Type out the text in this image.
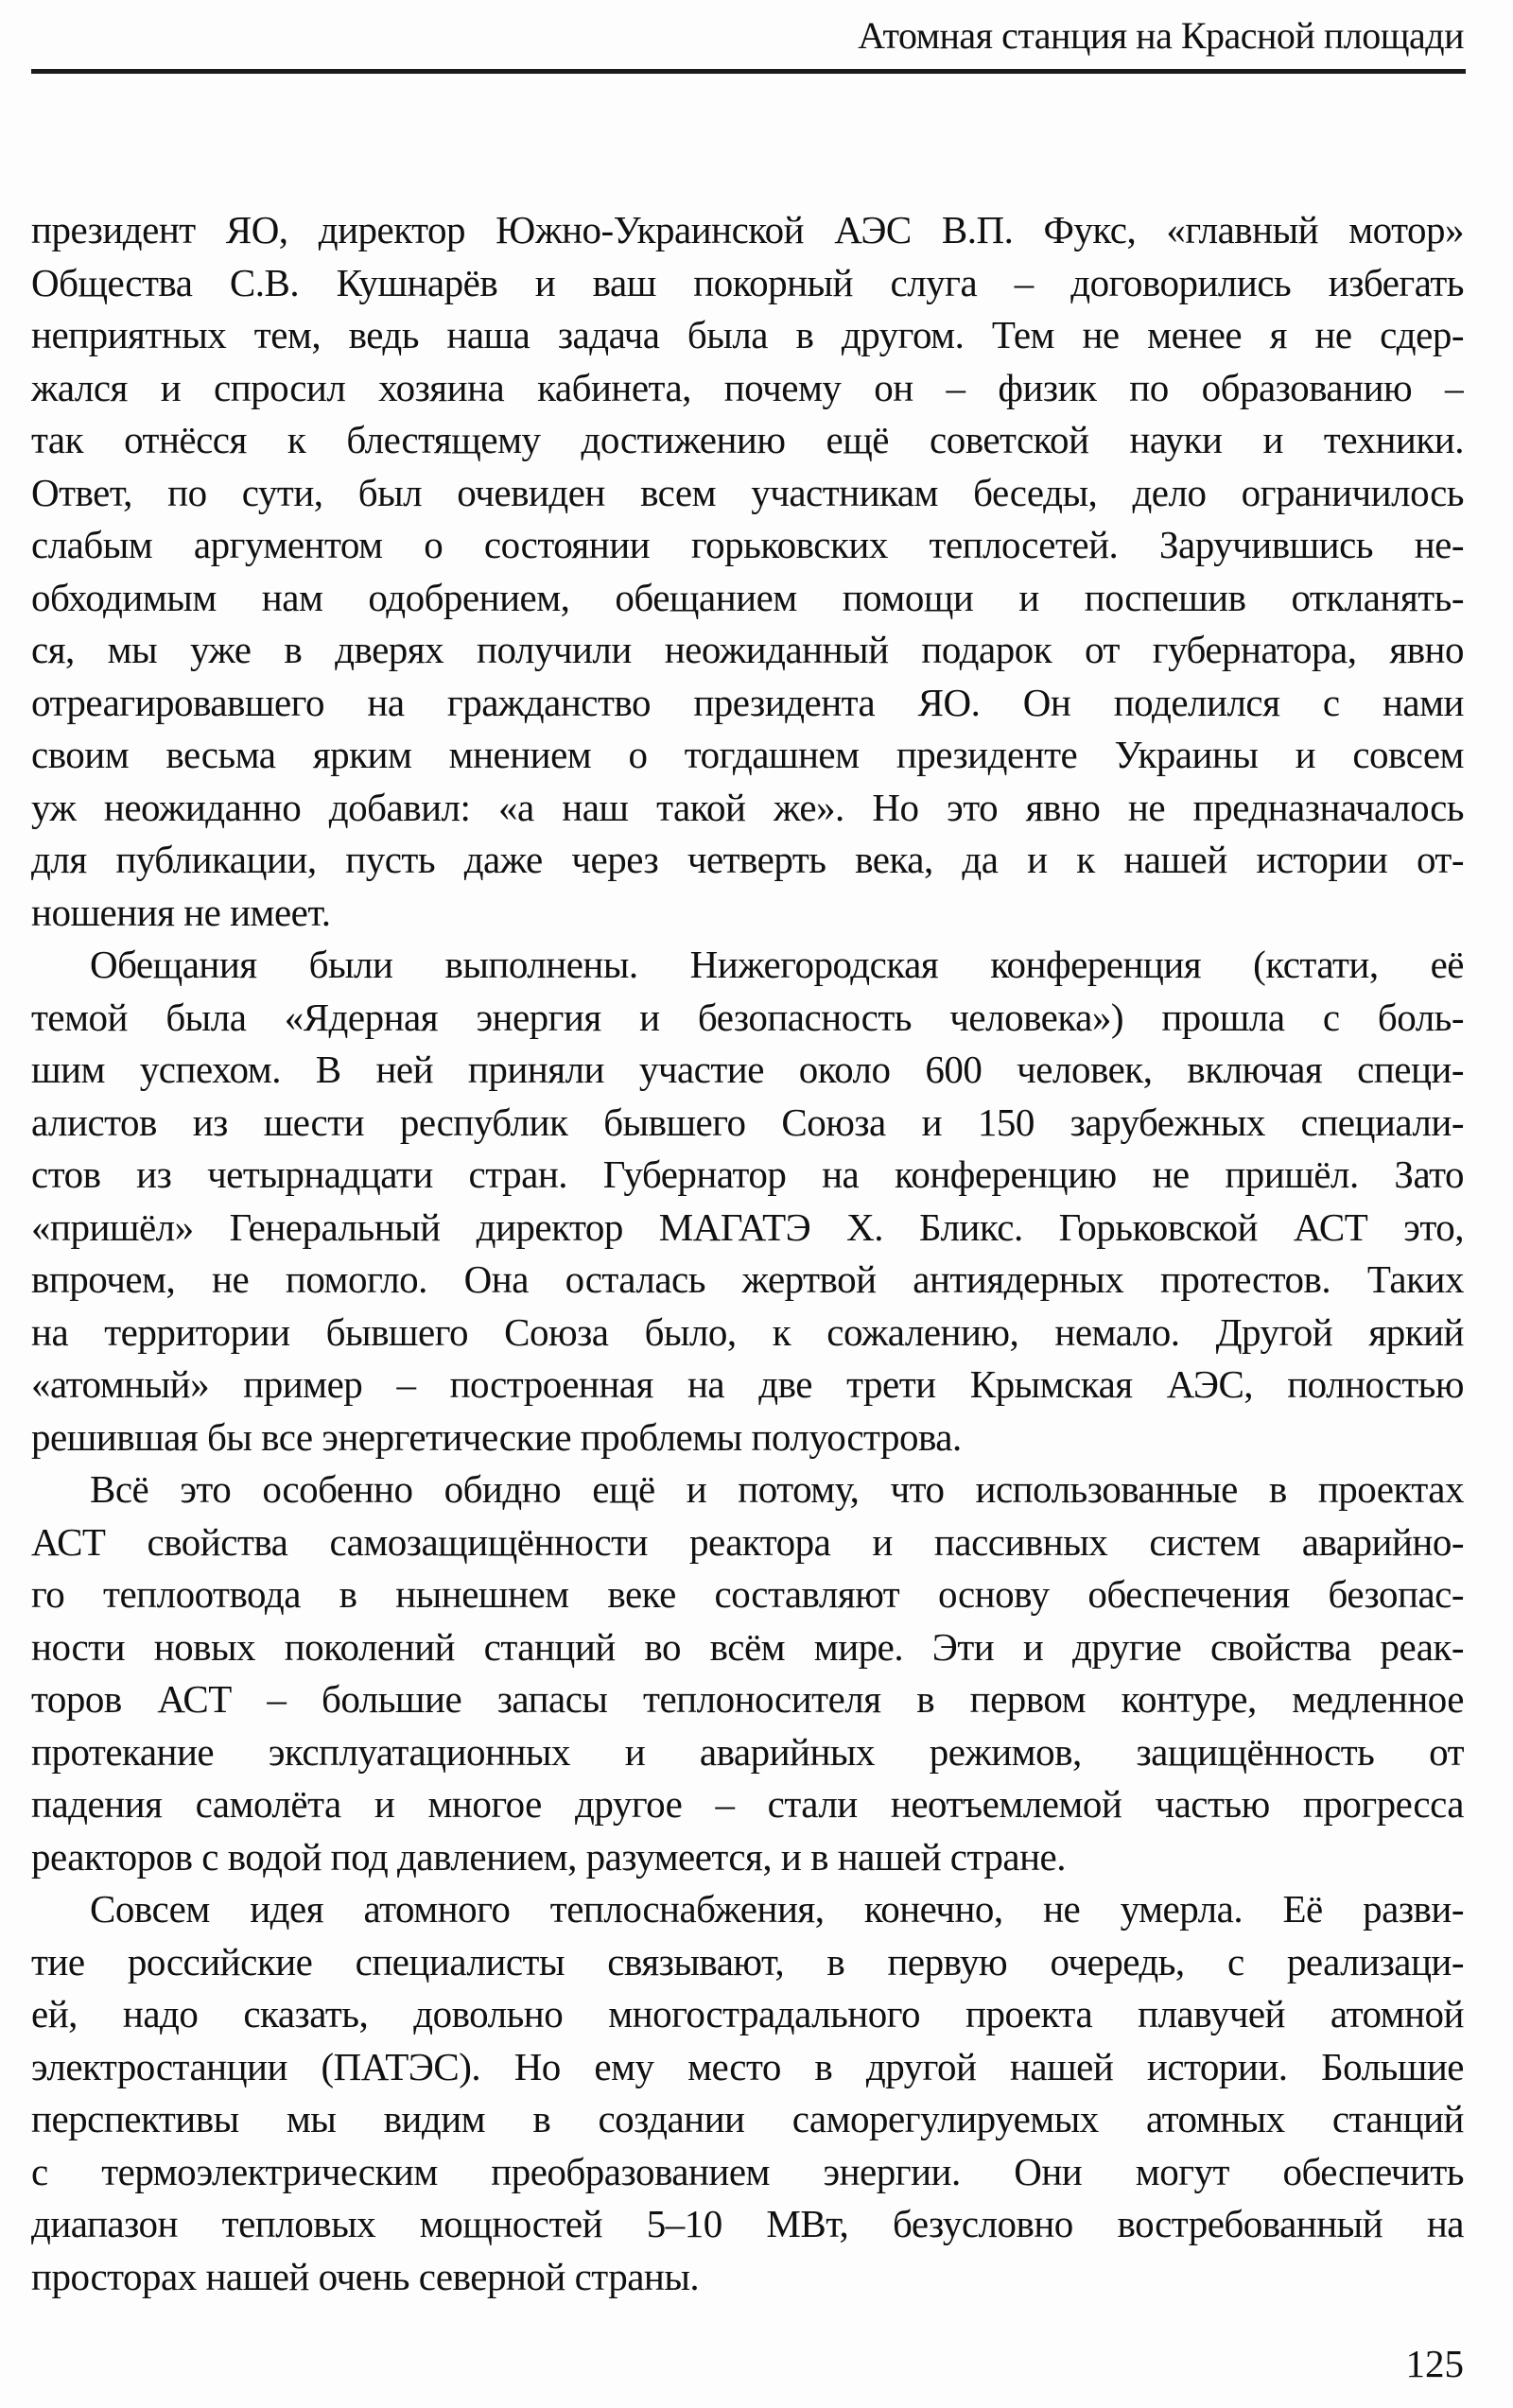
Атомная станция на Красной площади

президент ЯО, директор Южно-Украинской АЭС В.П. Фукс, «главный мотор»
Общества С.В. Кушнарёв и ваш покорный слуга – договорились избегать
неприятных тем, ведь наша задача была в другом. Тем не менее я не сдер-
жался и спросил хозяина кабинета, почему он – физик по образованию –
так отнёсся к блестящему достижению ещё советской науки и техники.
Ответ, по сути, был очевиден всем участникам беседы, дело ограничилось
слабым аргументом о состоянии горьковских теплосетей. Заручившись не-
обходимым нам одобрением, обещанием помощи и поспешив откланять-
ся, мы уже в дверях получили неожиданный подарок от губернатора, явно
отреагировавшего на гражданство президента ЯО. Он поделился с нами
своим весьма ярким мнением о тогдашнем президенте Украины и совсем
уж неожиданно добавил: «а наш такой же». Но это явно не предназначалось
для публикации, пусть даже через четверть века, да и к нашей истории от-
ношения не имеет.

Обещания были выполнены. Нижегородская конференция (кстати, её
темой была «Ядерная энергия и безопасность человека») прошла с боль-
шим успехом. В ней приняли участие около 600 человек, включая специ-
алистов из шести республик бывшего Союза и 150 зарубежных специали-
стов из четырнадцати стран. Губернатор на конференцию не пришёл. Зато
«пришёл» Генеральный директор МАГАТЭ Х. Бликс. Горьковской АСТ это,
впрочем, не помогло. Она осталась жертвой антиядерных протестов. Таких
на территории бывшего Союза было, к сожалению, немало. Другой яркий
«атомный» пример – построенная на две трети Крымская АЭС, полностью
решившая бы все энергетические проблемы полуострова.

Всё это особенно обидно ещё и потому, что использованные в проектах
АСТ свойства самозащищённости реактора и пассивных систем аварийно-
го теплоотвода в нынешнем веке составляют основу обеспечения безопас-
ности новых поколений станций во всём мире. Эти и другие свойства реак-
торов АСТ – большие запасы теплоносителя в первом контуре, медленное
протекание эксплуатационных и аварийных режимов, защищённость от
падения самолёта и многое другое – стали неотъемлемой частью прогресса
реакторов с водой под давлением, разумеется, и в нашей стране.

Совсем идея атомного теплоснабжения, конечно, не умерла. Её разви-
тие российские специалисты связывают, в первую очередь, с реализаци-
ей, надо сказать, довольно многострадального проекта плавучей атомной
электростанции (ПАТЭС). Но ему место в другой нашей истории. Большие
перспективы мы видим в создании саморегулируемых атомных станций
с термоэлектрическим преобразованием энергии. Они могут обеспечить
диапазон тепловых мощностей 5–10 МВт, безусловно востребованный на
просторах нашей очень северной страны.

125
